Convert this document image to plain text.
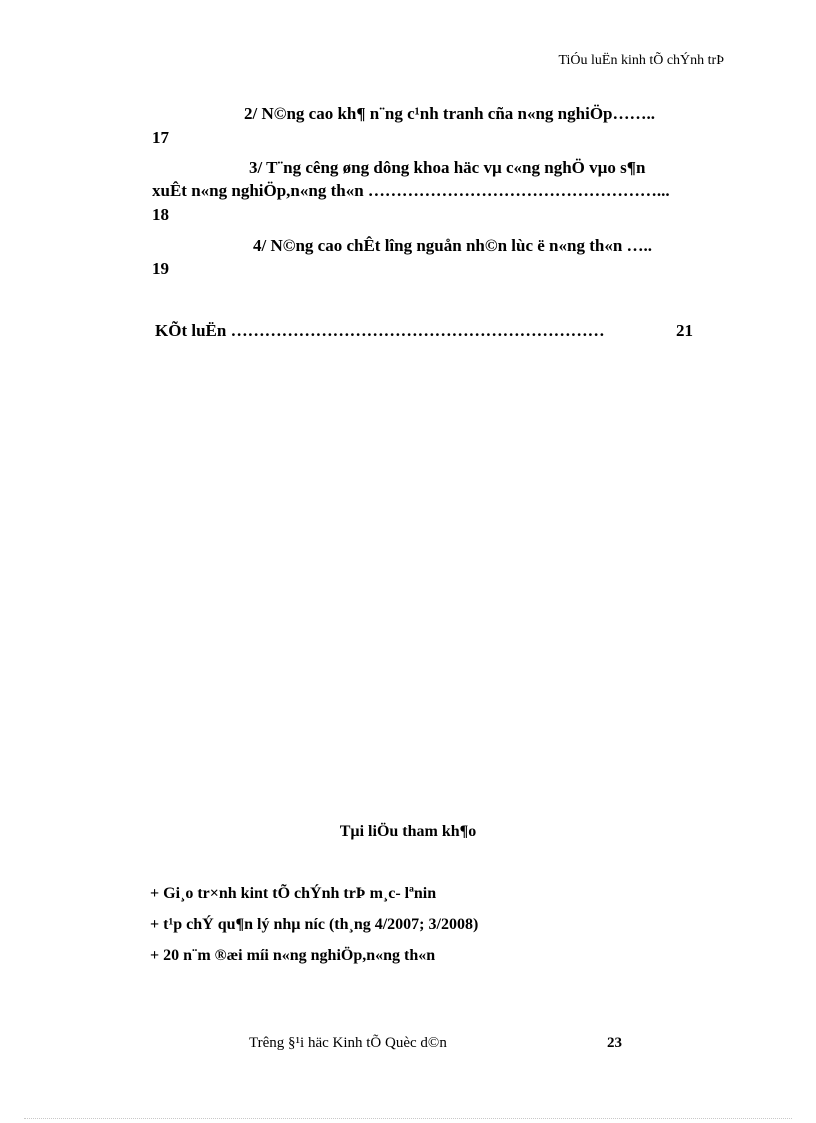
TiÓu luËn kinh tÕ chÝnh trÞ
2/ N©ng cao kh¶ n¨ng c¹nh tranh cña n«ng nghiÖp……..
17
3/ T¨ng cêng øng dông khoa häc vµ c«ng nghÖ vµo s¶n
xuÊt n«ng nghiÖp,n«ng th«n ……………………………………………...
18
4/ N©ng cao chÊt lîng nguån nh©n lùc ë n«ng th«n …..
19
KÕt luËn …………………………………………………………	21
Tµi liÖu tham kh¶o
+ Gi¸o tr×nh kint tÕ chÝnh trÞ m¸c- lªnin
+ t¹p chÝ qu¶n lý nhµ níc (th¸ng 4/2007; 3/2008)
+ 20 n¨m ®æi míi n«ng nghiÖp,n«ng th«n
Trêng §¹i häc Kinh tÕ Quèc d©n	23
